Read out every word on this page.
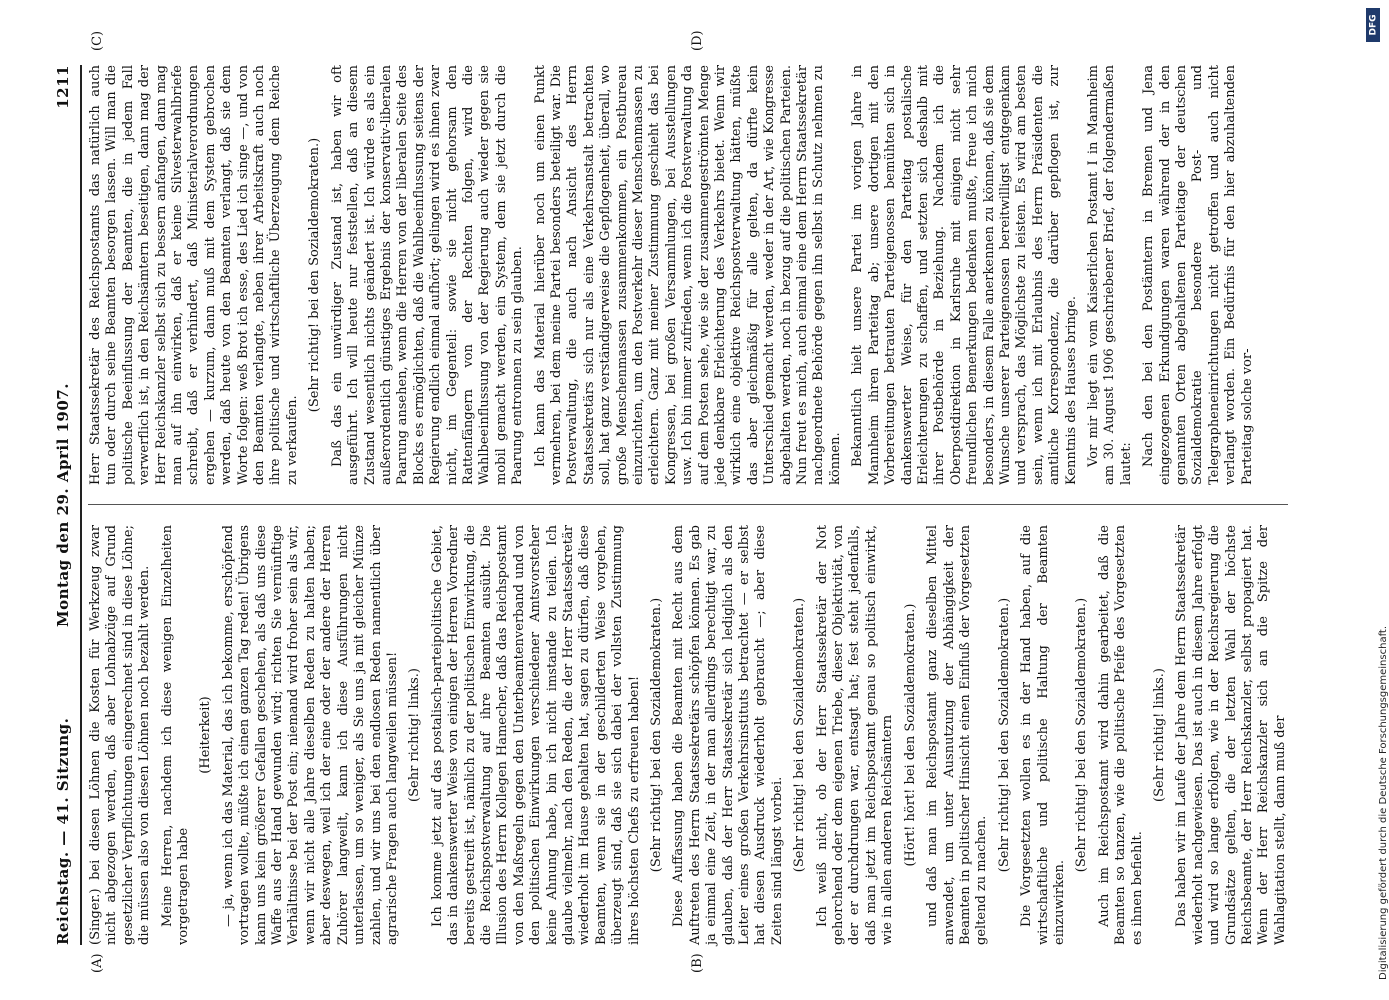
Reichstag. — 41. Sitzung.
Montag den 29. April 1907.
1211

(Singer.) bei diesen Löhnen die Kosten für Werkzeug zwar nicht abgezogen werden, daß aber Lohnabzüge auf Grund gesetzlicher Verpflichtungen eingerechnet sind in diese Löhne; die müssen also von diesen Löhnen noch bezahlt werden. Meine Herren, nachdem ich diese wenigen Einzelheiten vorgetragen habe

(Heiterkeit) — ja, wenn ich das Material, das ich bekomme, erschöpfend vortragen wollte, müßte ich einen ganzen Tag reden! Übrigens kann uns kein größerer Gefallen geschehen, als daß uns diese Waffe aus der Hand gewunden wird; richten Sie vernünftige Verhältnisse bei der Post ein; niemand wird froher sein als wir, wenn wir nicht alle Jahre dieselben Reden zu halten haben; aber deswegen, weil ich der eine oder der andere der Herren Zuhörer langweilt, kann ich diese Ausführungen nicht unterlassen, um so weniger, als Sie uns ja mit gleicher Münze zahlen, und wir uns bei den endlosen Reden namentlich über agrarische Fragen auch langweilen müssen! (Sehr richtig! links.) Ich komme jetzt auf das postalisch-parteipolitische Gebiet, das in dankenswerter Weise von einigen der Herren Vorredner bereits gestreift ist, nämlich zu der politischen Einwirkung, die die Reichspostverwaltung auf ihre Beamten ausübt. Die Illusion des Herrn Kollegen Hamecher, daß das Reichspostamt von den Maßregeln gegen den Unterbeamtenverband und von den politischen Einwirkungen verschiedener Amtsvorsteher keine Ahnung habe, bin ich nicht imstande zu teilen. Ich glaube vielmehr, nach den Reden, die der Herr Staatssekretär wiederholt im Hause gehalten hat, sagen zu dürfen, daß diese Beamten, wenn sie in der geschilderten Weise vorgehen, überzeugt sind, daß sie sich dabei der vollsten Zustimmung ihres höchsten Chefs zu erfreuen haben! (Sehr richtig! bei den Sozialdemokraten.) Diese Auffassung haben die Beamten mit Recht aus dem Auftreten des Herrn Staatssekretärs schöpfen können. Es gab ja einmal eine Zeit, in der man allerdings berechtigt war, zu glauben, daß der Herr Staatssekretär sich lediglich als den Leiter eines großen Verkehrsinstituts betrachtet — er selbst hat diesen Ausdruck wiederholt gebraucht —; aber diese Zeiten sind längst vorbei. (Sehr richtig! bei den Sozialdemokraten.) Ich weiß nicht, ob der Herr Staatssekretär der Not gehorchend oder dem eigenen Triebe, dieser Objektivität, von der er durchdrungen war, entsagt hat; fest steht jedenfalls, daß man jetzt im Reichspostamt genau so politisch einwirkt, wie in allen anderen Reichsämtern (Hört! hört! bei den Sozialdemokraten.) und daß man im Reichspostamt ganz dieselben Mittel anwendet, um unter Ausnutzung der Abhängigkeit der Beamten in politischer Hinsicht einen Einfluß der Vorgesetzten geltend zu machen.

(Sehr richtig! bei den Sozialdemokraten.) Die Vorgesetzten wollen es in der Hand haben, auf die wirtschaftliche und politische Haltung der Beamten einzuwirken.

(Sehr richtig! bei den Sozialdemokraten.) Auch im Reichspostamt wird dahin gearbeitet, daß die Beamten so tanzen, wie die politische Pfeife des Vorgesetzten es ihnen befiehlt.

(Sehr richtig! links.) Das haben wir im Laufe der Jahre dem Herrn Staatssekretär wiederholt nachgewiesen. Das ist auch in diesem Jahre erfolgt und wird so lange erfolgen, wie in der Reichsregierung die Grundsätze gelten, die der letzten Wahl der höchste Reichsbeamte, der Herr Reichskanzler, selbst propagiert hat. Wenn der Herr Reichskanzler sich an die Spitze der Wahlagitation stellt, dann muß der

Herr Staatssekretär des Reichspostamts das natürlich auch tun oder durch seine Beamten besorgen lassen. Will man die politische Beeinflussung der Beamten, die in jedem Fall verwerflich ist, in den Reichsämtern beseitigen, dann mag der Herr Reichskanzler selbst sich zu bessern anfangen, dann mag man auf ihn einwirken, daß er keine Silvesterwahlbriefe schreibt, daß er verhindert, daß Ministerialverordnungen ergehen — kurzum, dann muß mit dem System gebrochen werden, daß heute von den Beamten verlangt, daß sie dem Worte folgen: weß Brot ich esse, des Lied ich singe —, und von den Beamten verlangte, neben ihrer Arbeitskraft auch noch ihre politische und wirtschaftliche Überzeugung dem Reiche zu verkaufen.

(Sehr richtig! bei den Sozialdemokraten.) Daß das ein unwürdiger Zustand ist, haben wir oft ausgeführt. Ich will heute nur feststellen, daß an diesem Zustand wesentlich nichts geändert ist. Ich würde es als ein außerordentlich günstiges Ergebnis der konservativ-liberalen Paarung ansehen, wenn die Herren von der liberalen Seite des Blocks es ermöglichten, daß die Wahlbeeinflussung seitens der Regierung endlich einmal aufhört; gelingen wird es ihnen zwar nicht, im Gegenteil: sowie sie nicht gehorsam den Rattenfängern von der Rechten folgen, wird die Wahlbeeinflussung von der Regierung auch wieder gegen sie mobil gemacht werden, ein System, dem sie jetzt durch die Paarung entronnen zu sein glauben. Ich kann das Material hierüber noch um einen Punkt vermehren, bei dem meine Partei besonders beteiligt war. Die Postverwaltung, die auch nach Ansicht des Herrn Staatssekretärs sich nur als eine Verkehrsanstalt betrachten soll, hat ganz verständigerweise die Gepflogenheit, überall, wo große Menschenmassen zusammenkommen, ein Postbureau einzurichten, um den Postverkehr dieser Menschenmassen zu erleichtern. Ganz mit meiner Zustimmung geschieht das bei Kongressen, bei großen Versammlungen, bei Ausstellungen usw. Ich bin immer zufrieden, wenn ich die Postverwaltung da auf dem Posten sehe, wie sie der zusammengeströmten Menge jede denkbare Erleichterung des Verkehrs bietet. Wenn wir wirklich eine objektive Reichspostverwaltung hätten, müßte das aber gleichmäßig für alle gelten, da dürfte kein Unterschied gemacht werden, weder in der Art, wie Kongresse abgehalten werden, noch in bezug auf die politischen Parteien. Nun freut es mich, auch einmal eine dem Herrn Staatssekretär nachgeordnete Behörde gegen ihn selbst in Schutz nehmen zu können. Bekanntlich hielt unsere Partei im vorigen Jahre in Mannheim ihren Parteitag ab; unsere dortigen mit den Vorbereitungen betrauten Parteigenossen bemühten sich in dankenswerter Weise, für den Parteitag postalische Erleichterungen zu schaffen, und setzten sich deshalb mit ihrer Postbehörde in Beziehung. Nachdem ich die Oberpostdirektion in Karlsruhe mit einigen nicht sehr freundlichen Bemerkungen bedenken mußte, freue ich mich besonders, in diesem Falle anerkennen zu können, daß sie dem Wunsche unserer Parteigenossen bereitwilligst entgegenkam und versprach, das Möglichste zu leisten. Es wird am besten sein, wenn ich mit Erlaubnis des Herrn Präsidenten die amtliche Korrespondenz, die darüber gepflogen ist, zur Kenntnis des Hauses bringe. Vor mir liegt ein vom Kaiserlichen Postamt I in Mannheim am 30. August 1906 geschriebener Brief, der folgendermaßen lautet: Nach den bei den Postämtern in Bremen und Jena eingezogenen Erkundigungen waren während der in den genannten Orten abgehaltenen Parteitage der deutschen Sozialdemokratie besondere Post- und Telegrapheneinrichtungen nicht getroffen und auch nicht verlangt worden. Ein Bedürfnis für den hier abzuhaltenden Parteitag solche vor-

(A)	(B)
(C)	(D)
Digitalisierung gefördert durch die Deutsche Forschungsgemeinschaft.
DFG
